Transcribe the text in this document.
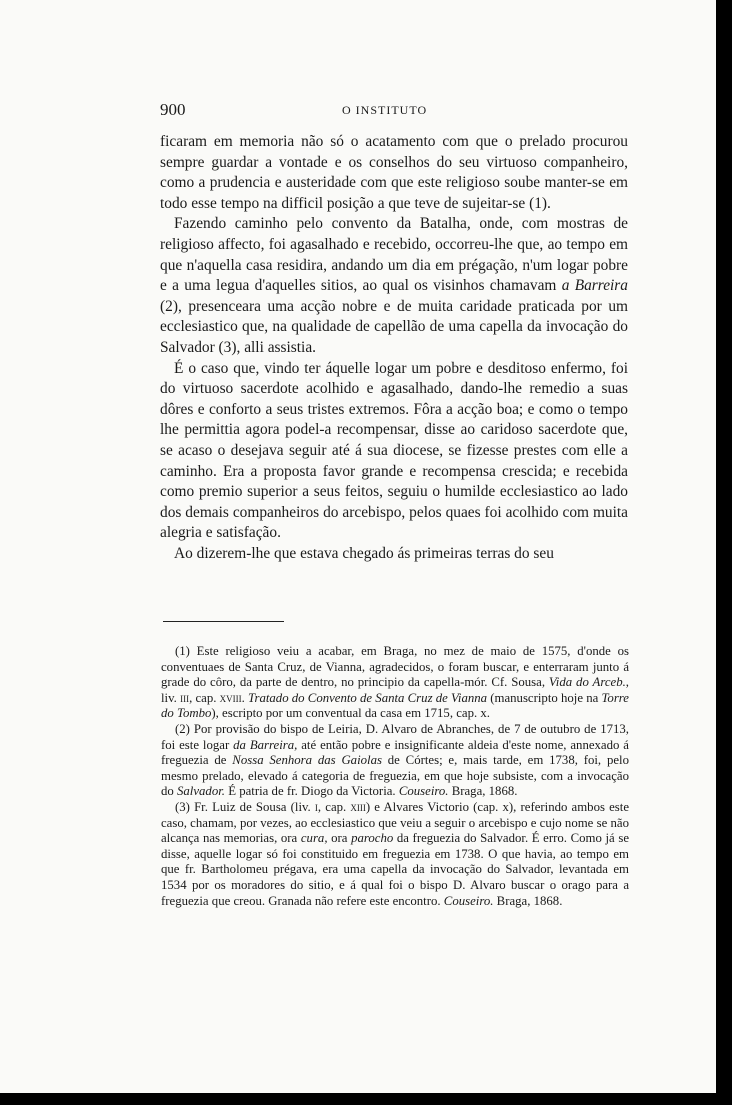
900	O INSTITUTO

ficaram em memoria não só o acatamento com que o prelado procurou sempre guardar a vontade e os conselhos do seu virtuoso companheiro, como a prudencia e austeridade com que este religioso soube manter-se em todo esse tempo na difficil posição a que teve de sujeitar-se (1).

Fazendo caminho pelo convento da Batalha, onde, com mostras de religioso affecto, foi agasalhado e recebido, occorreu-lhe que, ao tempo em que n'aquella casa residira, andando um dia em prégação, n'um logar pobre e a uma legua d'aquelles sitios, ao qual os visinhos chamavam a Barreira (2), presenceara uma acção nobre e de muita caridade praticada por um ecclesiastico que, na qualidade de capellão de uma capella da invocação do Salvador (3), alli assistia.

É o caso que, vindo ter áquelle logar um pobre e desditoso enfermo, foi do virtuoso sacerdote acolhido e agasalhado, dando-lhe remedio a suas dôres e conforto a seus tristes extremos. Fôra a acção boa; e como o tempo lhe permittia agora podel-a recompensar, disse ao caridoso sacerdote que, se acaso o desejava seguir até á sua diocese, se fizesse prestes com elle a caminho. Era a proposta favor grande e recompensa crescida; e recebida como premio superior a seus feitos, seguiu o humilde ecclesiastico ao lado dos demais companheiros do arcebispo, pelos quaes foi acolhido com muita alegria e satisfação.

Ao dizerem-lhe que estava chegado ás primeiras terras do seu

(1) Este religioso veiu a acabar, em Braga, no mez de maio de 1575, d'onde os conventuaes de Santa Cruz, de Vianna, agradecidos, o foram buscar, e enterraram junto á grade do côro, da parte de dentro, no principio da capella-mór. Cf. Sousa, Vida do Arceb., liv. iii, cap. xviii. Tratado do Convento de Santa Cruz de Vianna (manuscripto hoje na Torre do Tombo), escripto por um conventual da casa em 1715, cap. x.

(2) Por provisão do bispo de Leiria, D. Alvaro de Abranches, de 7 de outubro de 1713, foi este logar da Barreira, até então pobre e insignificante aldeia d'este nome, annexado á freguezia de Nossa Senhora das Gaiolas de Córtes; e, mais tarde, em 1738, foi, pelo mesmo prelado, elevado á categoria de freguezia, em que hoje subsiste, com a invocação do Salvador. É patria de fr. Diogo da Victoria. Couseiro. Braga, 1868.

(3) Fr. Luiz de Sousa (liv. i, cap. xiii) e Alvares Victorio (cap. x), referindo ambos este caso, chamam, por vezes, ao ecclesiastico que veiu a seguir o arcebispo e cujo nome se não alcança nas memorias, ora cura, ora parocho da freguezia do Salvador. É erro. Como já se disse, aquelle logar só foi constituido em freguezia em 1738. O que havia, ao tempo em que fr. Bartholomeu prégava, era uma capella da invocação do Salvador, levantada em 1534 por os moradores do sitio, e á qual foi o bispo D. Alvaro buscar o orago para a freguezia que creou. Granada não refere este encontro. Couseiro. Braga, 1868.
